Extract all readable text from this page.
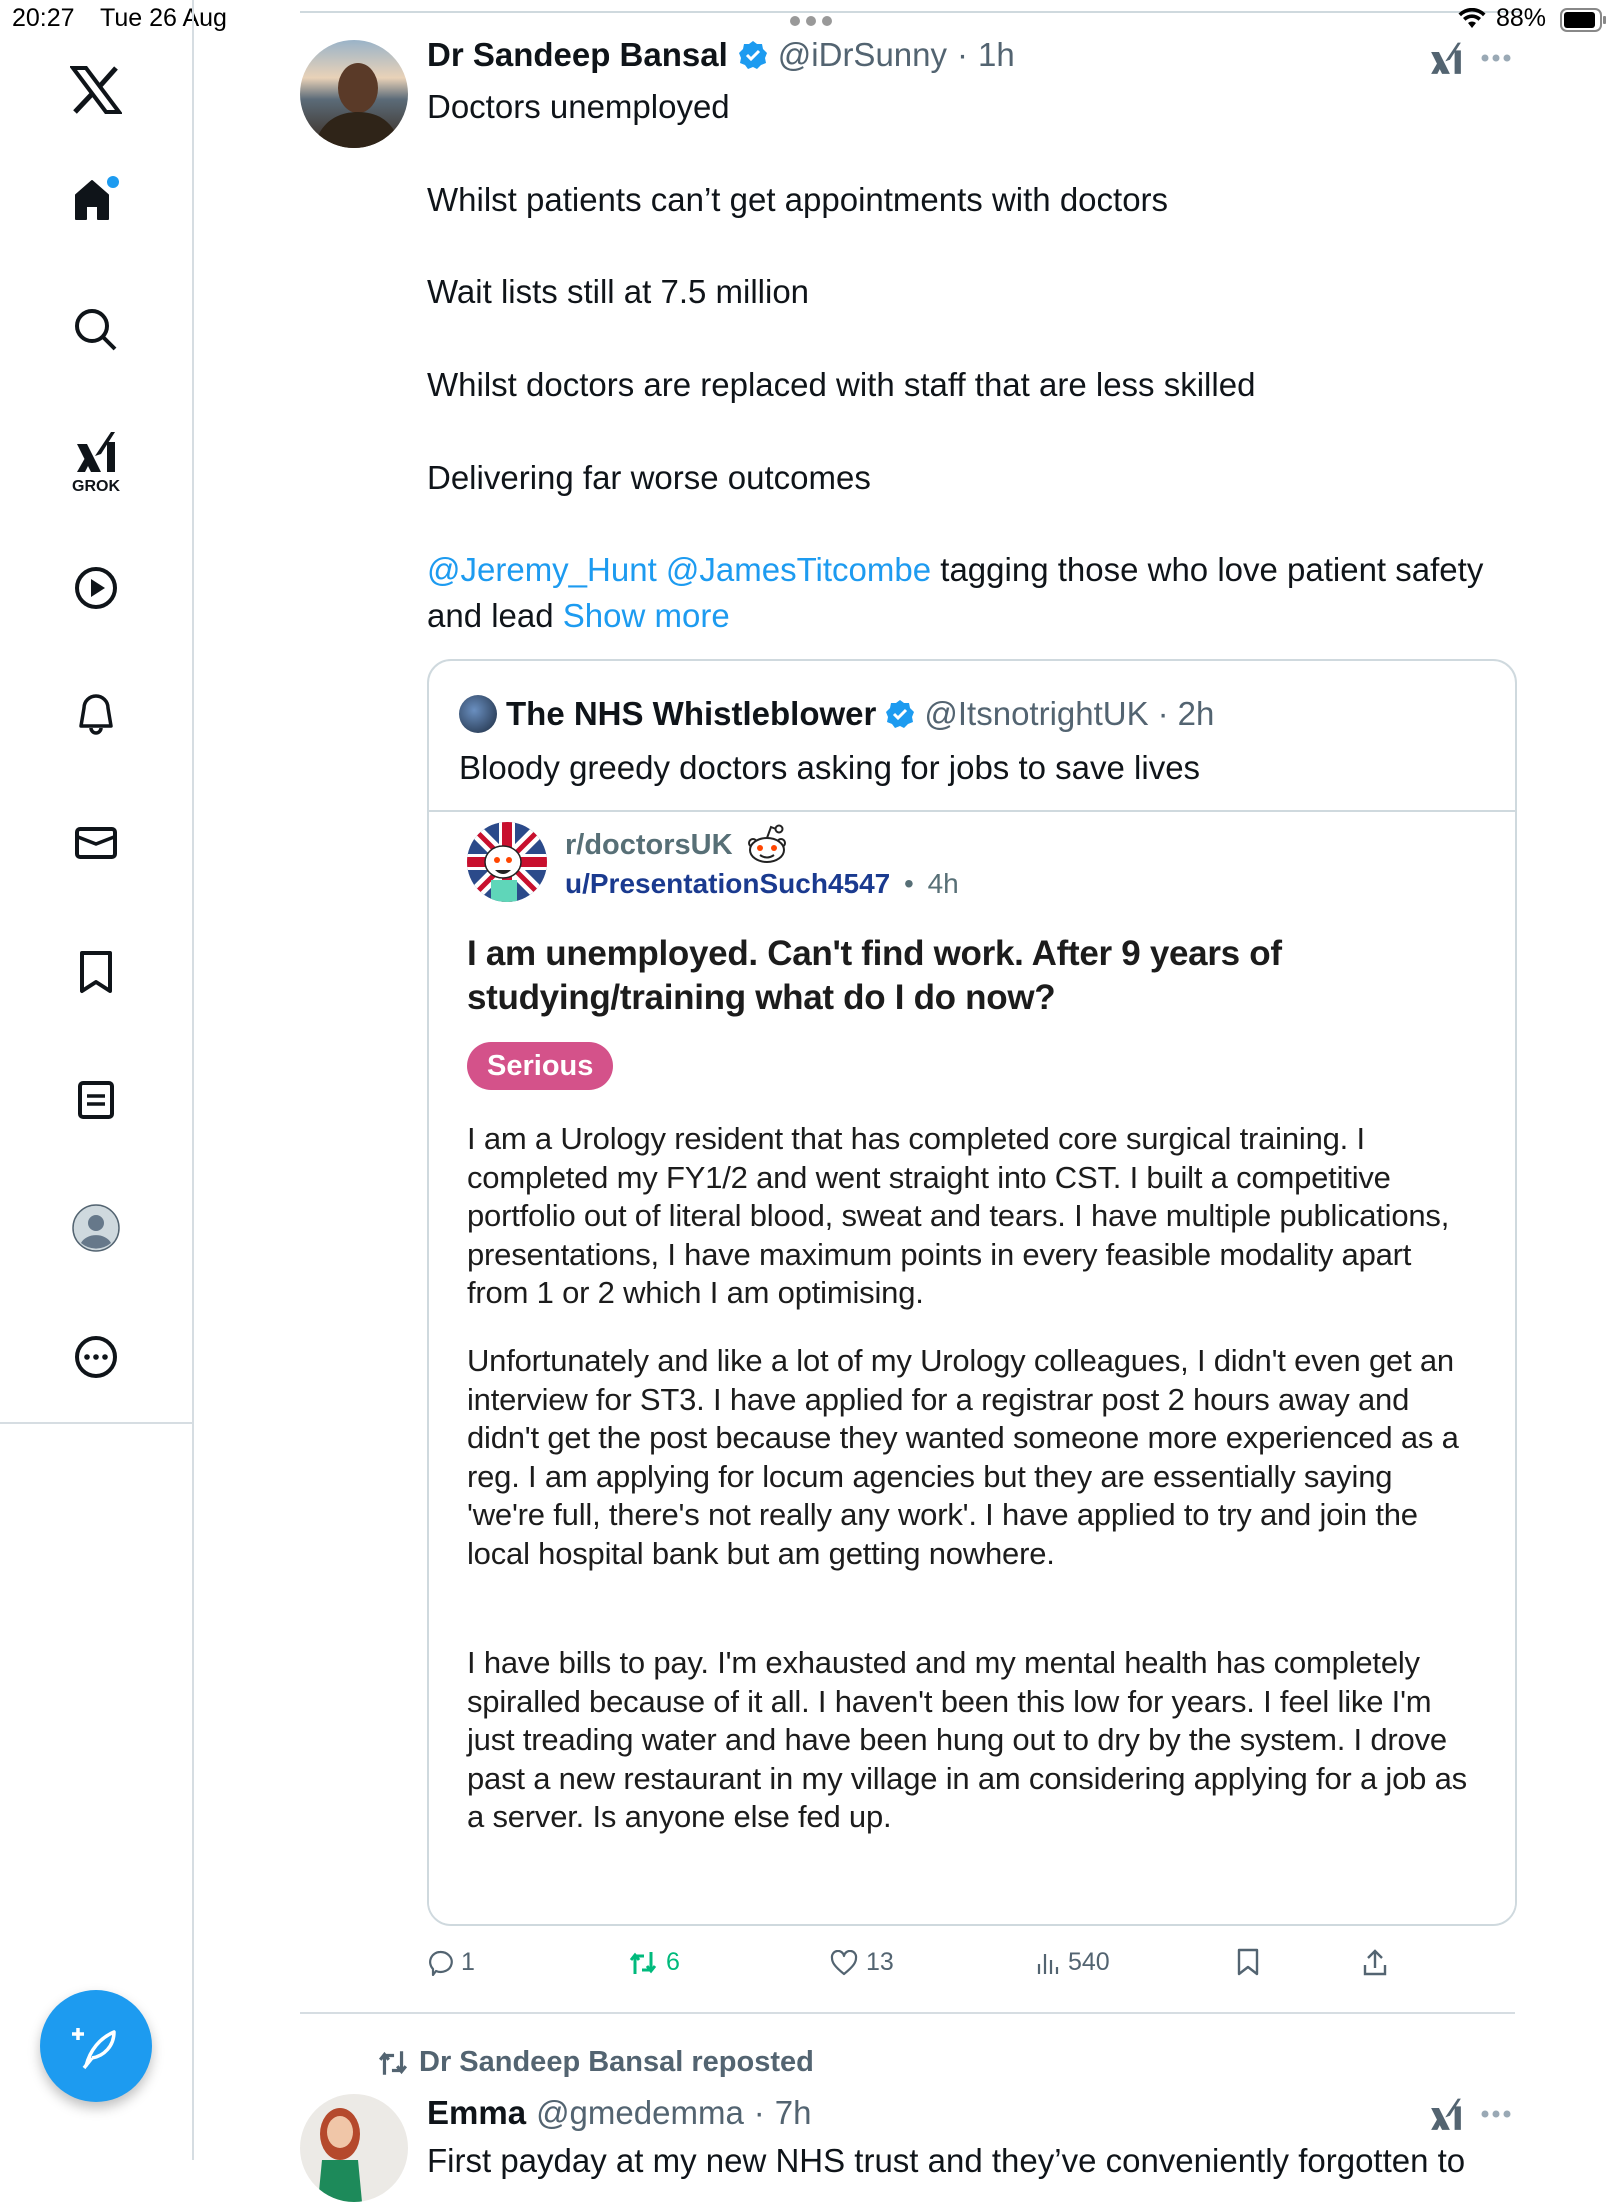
20:27 Tue 26 Aug	88%
GROK
Dr Sandeep Bansal @iDrSunny · 1h
Doctors unemployed
Whilst patients can’t get appointments with doctors
Wait lists still at 7.5 million
Whilst doctors are replaced with staff that are less skilled
Delivering far worse outcomes
@Jeremy_Hunt @JamesTitcombe tagging those who love patient safety and lead Show more
The NHS Whistleblower @ItsnotrightUK · 2h
Bloody greedy doctors asking for jobs to save lives
r/doctorsUK
u/PresentationSuch4547 • 4h
I am unemployed. Can't find work. After 9 years of studying/training what do I do now?
Serious
I am a Urology resident that has completed core surgical training. I completed my FY1/2 and went straight into CST. I built a competitive portfolio out of literal blood, sweat and tears. I have multiple publications, presentations, I have maximum points in every feasible modality apart from 1 or 2 which I am optimising.
Unfortunately and like a lot of my Urology colleagues, I didn't even get an interview for ST3. I have applied for a registrar post 2 hours away and didn't get the post because they wanted someone more experienced as a reg. I am applying for locum agencies but they are essentially saying 'we're full, there's not really any work'. I have applied to try and join the local hospital bank but am getting nowhere.
I have bills to pay. I'm exhausted and my mental health has completely spiralled because of it all. I haven't been this low for years. I feel like I'm just treading water and have been hung out to dry by the system. I drove past a new restaurant in my village in am considering applying for a job as a server. Is anyone else fed up.
1	6	13	540
Dr Sandeep Bansal reposted
Emma @gmedemma · 7h
First payday at my new NHS trust and they’ve conveniently forgotten to
